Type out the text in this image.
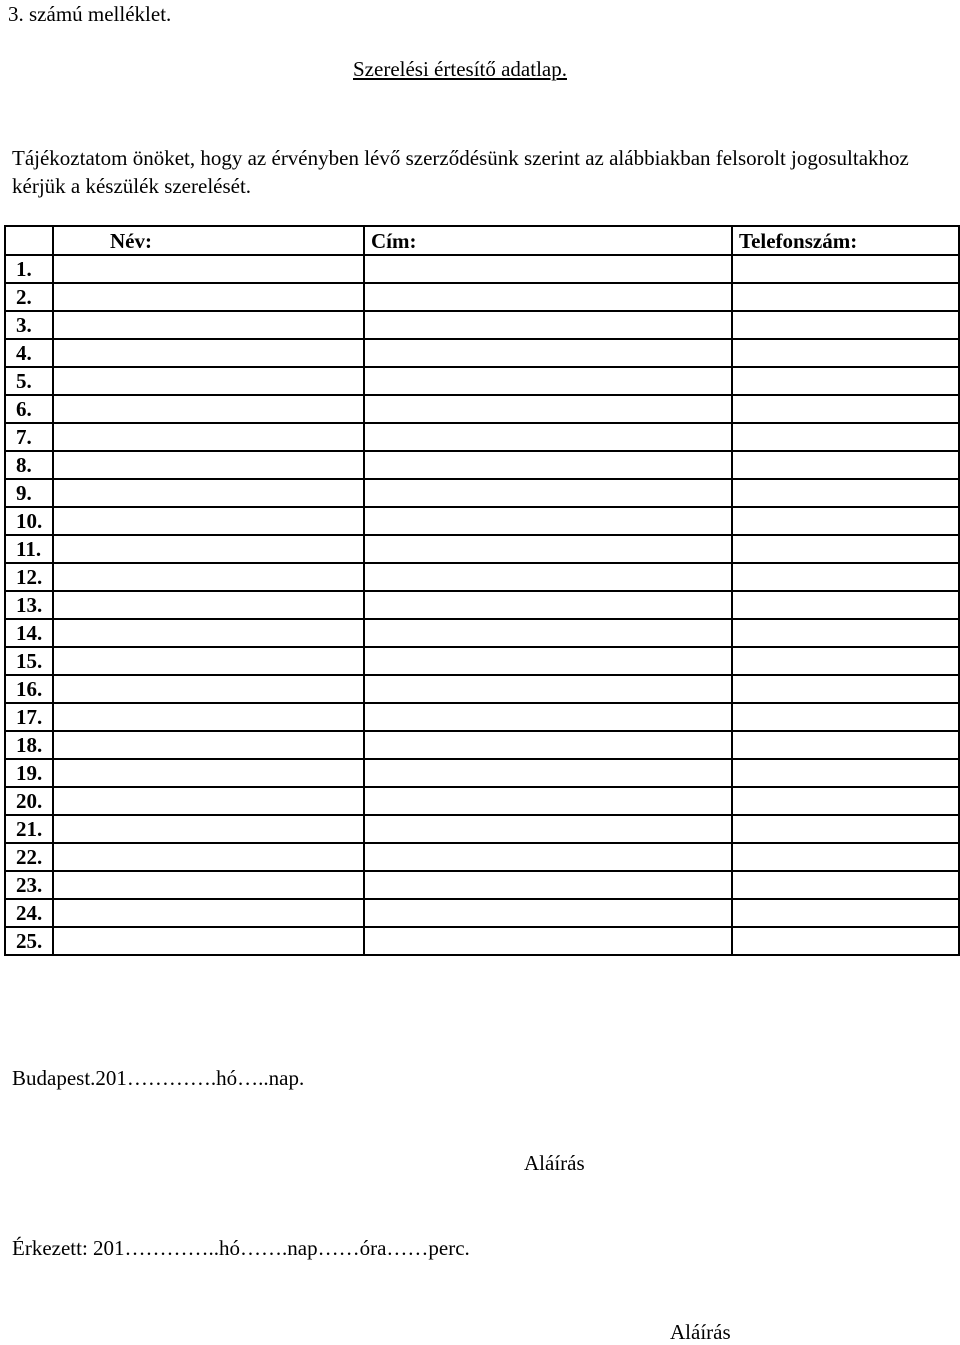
3. számú melléklet.
Szerelési értesítő adatlap.
Tájékoztatom önöket, hogy az érvényben lévő szerződésünk szerint az alábbiakban felsorolt jogosultakhoz kérjük a készülék szerelését.
	Név:	Cím:	Telefonszám:
1.			
2.			
3.			
4.			
5.			
6.			
7.			
8.			
9.			
10.			
11.			
12.			
13.			
14.			
15.			
16.			
17.			
18.			
19.			
20.			
21.			
22.			
23.			
24.			
25.			
Budapest.201………….hó…..nap.
Aláírás
Érkezett: 201…………..hó…….nap……óra……perc.
Aláírás
